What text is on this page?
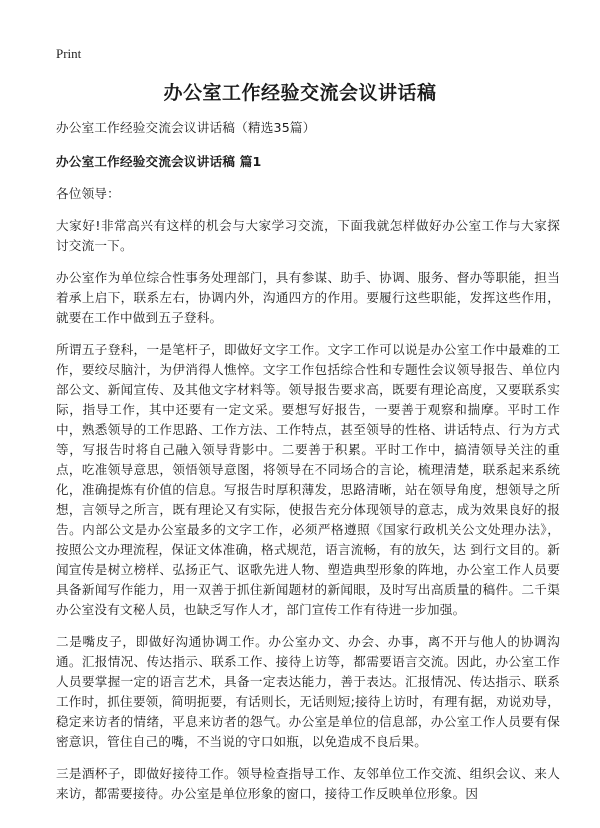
Print
办公室工作经验交流会议讲话稿

办公室工作经验交流会议讲话稿（精选35篇）

办公室工作经验交流会议讲话稿 篇1

各位领导：

大家好!非常高兴有这样的机会与大家学习交流，下面我就怎样做好办公室工作与大家探讨交流一下。

办公室作为单位综合性事务处理部门，具有参谋、助手、协调、服务、督办等职能，担当着承上启下，联系左右，协调内外，沟通四方的作用。要履行这些职能，发挥这些作用，就要在工作中做到五子登科。

所谓五子登科，一是笔杆子，即做好文字工作。文字工作可以说是办公室工作中最难的工作，要绞尽脑汁，为伊消得人憔悴。文字工作包括综合性和专题性会议领导报告、单位内部公文、新闻宣传、及其他文字材料等。领导报告要求高，既要有理论高度，又要联系实际，指导工作，其中还要有一定文采。要想写好报告，一要善于观察和揣摩。平时工作中，熟悉领导的工作思路、工作方法、工作特点，甚至领导的性格、讲话特点、行为方式等，写报告时将自己融入领导背影中。二要善于积累。平时工作中，搞清领导关注的重点，吃准领导意思，领悟领导意图，将领导在不同场合的言论，梳理清楚，联系起来系统化，准确提炼有价值的信息。写报告时厚积薄发，思路清晰，站在领导角度，想领导之所想，言领导之所言，既有理论又有实际，使报告充分体现领导的意志，成为效果良好的报告。内部公文是办公室最多的文字工作，必须严格遵照《国家行政机关公文处理办法》，按照公文办理流程，保证文体准确，格式规范，语言流畅，有的放矢，达 到行文目的。新闻宣传是树立榜样、弘扬正气、讴歌先进人物、塑造典型形象的阵地，办公室工作人员要具备新闻写作能力，用一双善于抓住新闻题材的新闻眼，及时写出高质量的稿件。二千渠办公室没有文秘人员，也缺乏写作人才，部门宣传工作有待进一步加强。

二是嘴皮子，即做好沟通协调工作。办公室办文、办会、办事，离不开与他人的协调沟通。汇报情况、传达指示、联系工作、接待上访等，都需要语言交流。因此，办公室工作人员要掌握一定的语言艺术，具备一定表达能力，善于表达。汇报情况、传达指示、联系工作时，抓住要领，简明扼要，有话则长，无话则短;接待上访时，有理有据，劝说劝导，稳定来访者的情绪，平息来访者的怨气。办公室是单位的信息部，办公室工作人员要有保密意识，管住自己的嘴，不当说的守口如瓶，以免造成不良后果。

三是酒杯子，即做好接待工作。领导检查指导工作、友邻单位工作交流、组织会议、来人来访，都需要接待。办公室是单位形象的窗口，接待工作反映单位形象。因
